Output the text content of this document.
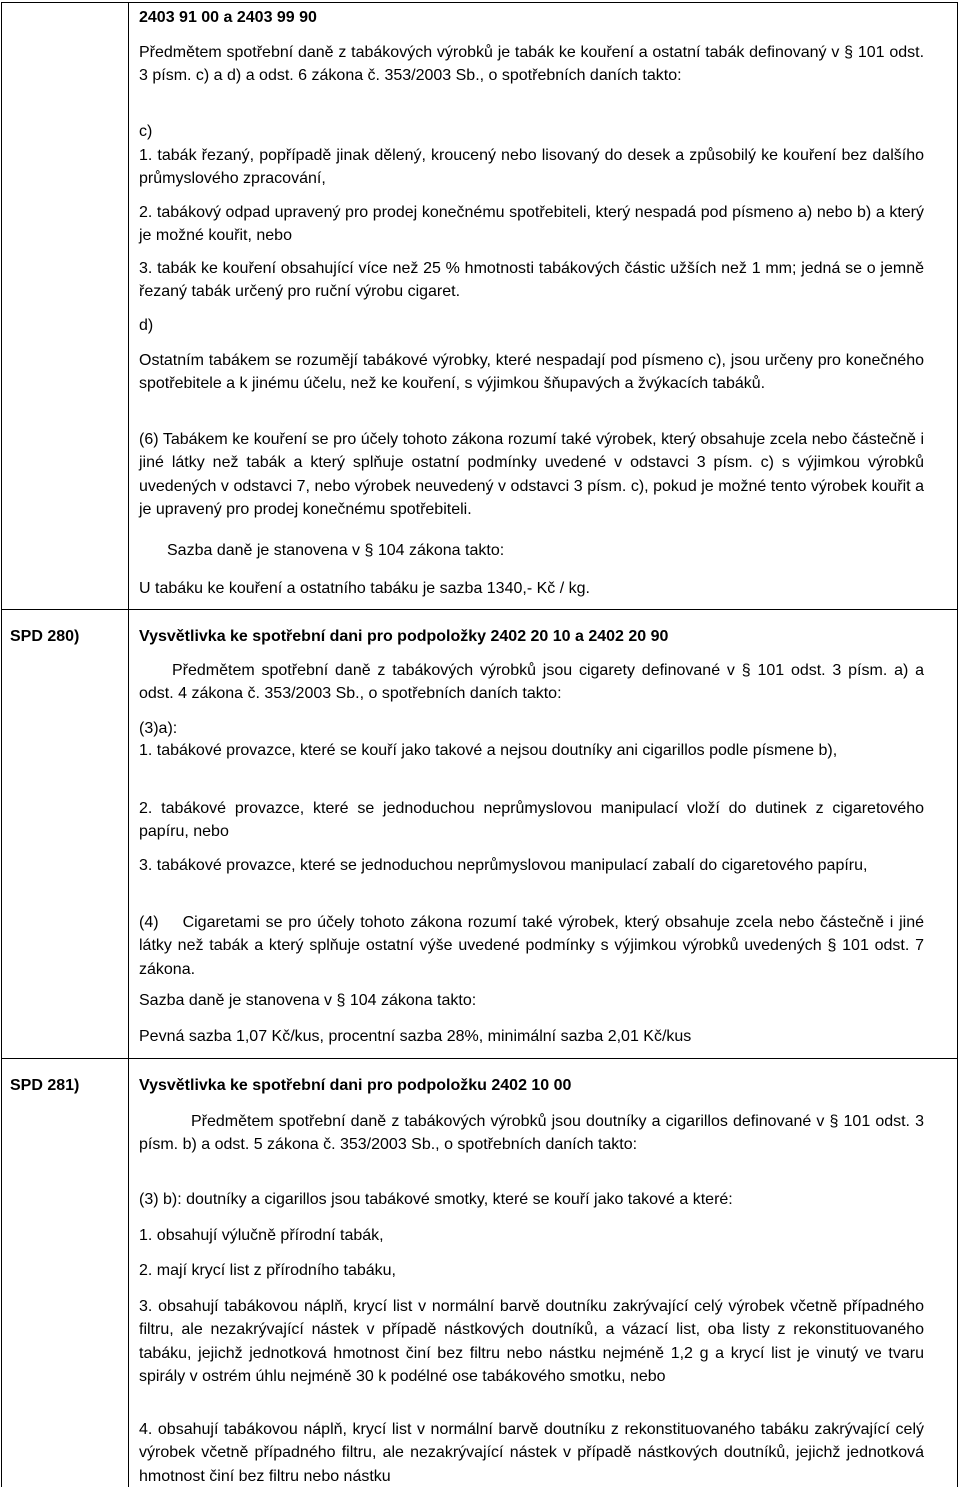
2403 91 00 a 2403 99 90

Předmětem spotřební daně z tabákových výrobků je tabák ke kouření a ostatní tabák definovaný v § 101 odst. 3 písm. c) a d) a odst. 6 zákona č. 353/2003 Sb., o spotřebních daních takto:

c)

1. tabák řezaný, popřípadě jinak dělený, kroucený nebo lisovaný do desek a způsobilý ke kouření bez dalšího průmyslového zpracování,

2. tabákový odpad upravený pro prodej konečnému spotřebiteli, který nespadá pod písmeno a) nebo b) a který je možné kouřit, nebo

3. tabák ke kouření obsahující více než 25 % hmotnosti tabákových částic užších než 1 mm; jedná se o jemně řezaný tabák určený pro ruční výrobu cigaret.

d)

Ostatním tabákem se rozumějí tabákové výrobky, které nespadají pod písmeno c), jsou určeny pro konečného spotřebitele a k jinému účelu, než ke kouření, s výjimkou šňupavých a žvýkacích tabáků.

(6) Tabákem ke kouření se pro účely tohoto zákona rozumí také výrobek, který obsahuje zcela nebo částečně i jiné látky než tabák a který splňuje ostatní podmínky uvedené v odstavci 3 písm. c) s výjimkou výrobků uvedených v odstavci 7, nebo výrobek neuvedený v odstavci 3 písm. c), pokud je možné tento výrobek kouřit a je upravený pro prodej konečnému spotřebiteli.

Sazba daně je stanovena v § 104 zákona takto:

U tabáku ke kouření a ostatního tabáku je sazba 1340,- Kč / kg.

SPD 280)	Vysvětlivka ke spotřební dani pro podpoložky 2402 20 10 a 2402 20 90

Předmětem spotřební daně z tabákových výrobků jsou cigarety definované v § 101 odst. 3 písm. a) a odst. 4 zákona č. 353/2003 Sb., o spotřebních daních takto:

(3)a):

1. tabákové provazce, které se kouří jako takové a nejsou doutníky ani cigarillos podle písmene b),

2. tabákové provazce, které se jednoduchou neprůmyslovou manipulací vloží do dutinek z cigaretového papíru, nebo

3. tabákové provazce, které se jednoduchou neprůmyslovou manipulací zabalí do cigaretového papíru,

(4) Cigaretami se pro účely tohoto zákona rozumí také výrobek, který obsahuje zcela nebo částečně i jiné látky než tabák a který splňuje ostatní výše uvedené podmínky s výjimkou výrobků uvedených § 101 odst. 7 zákona.

Sazba daně je stanovena v § 104 zákona takto:

Pevná sazba 1,07 Kč/kus, procentní sazba 28%, minimální sazba 2,01 Kč/kus

SPD 281)	Vysvětlivka ke spotřební dani pro podpoložku 2402 10 00

Předmětem spotřební daně z tabákových výrobků jsou doutníky a cigarillos definované v § 101 odst. 3 písm. b) a odst. 5 zákona č. 353/2003 Sb., o spotřebních daních takto:

(3) b): doutníky a cigarillos jsou tabákové smotky, které se kouří jako takové a které:

1. obsahují výlučně přírodní tabák,

2. mají krycí list z přírodního tabáku,

3. obsahují tabákovou náplň, krycí list v normální barvě doutníku zakrývající celý výrobek včetně případného filtru, ale nezakrývající nástek v případě nástkových doutníků, a vázací list, oba listy z rekonstituovaného tabáku, jejichž jednotková hmotnost činí bez filtru nebo nástku nejméně 1,2 g a krycí list je vinutý ve tvaru spirály v ostrém úhlu nejméně 30 k podélné ose tabákového smotku, nebo

4. obsahují tabákovou náplň, krycí list v normální barvě doutníku z rekonstituovaného tabáku zakrývající celý výrobek včetně případného filtru, ale nezakrývající nástek v případě nástkových doutníků, jejichž jednotková hmotnost činí bez filtru nebo nástku
